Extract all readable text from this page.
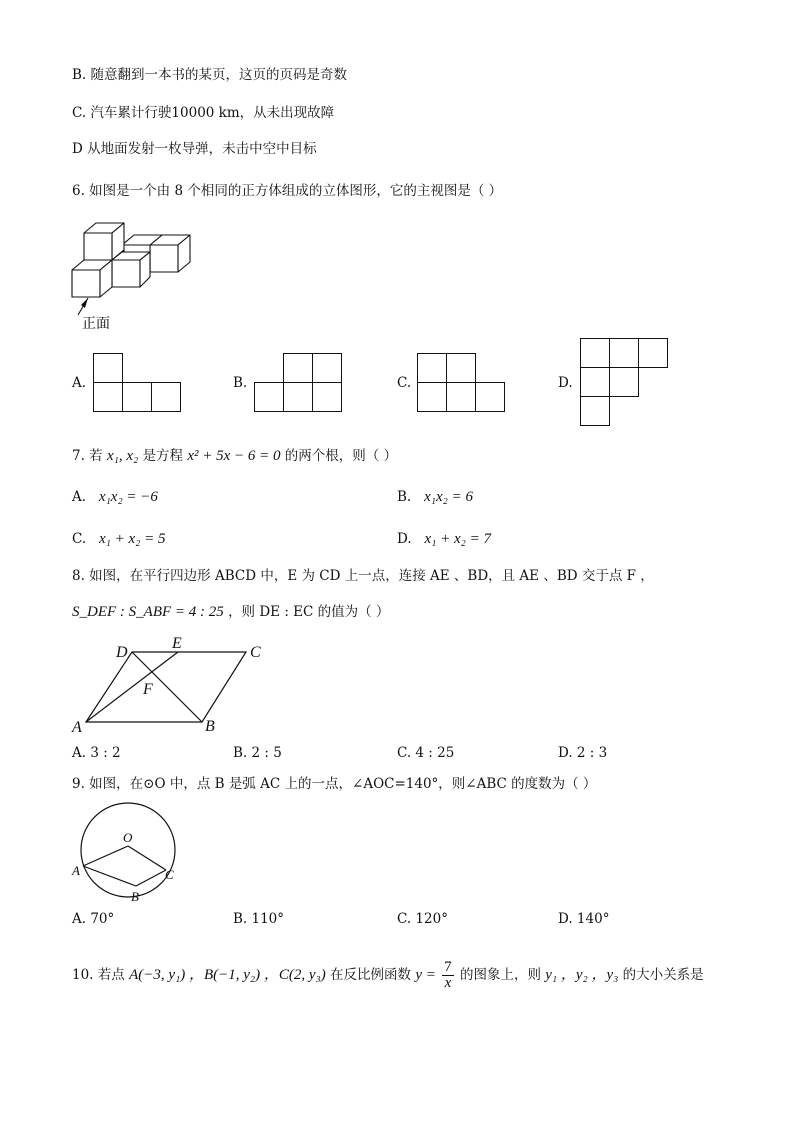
B. 随意翻到一本书的某页，这页的页码是奇数
C. 汽车累计行驶10000 km，从未出现故障
D 从地面发射一枚导弹，未击中空中目标
6. 如图是一个由 8 个相同的正方体组成的立体图形，它的主视图是（ ）
正面
A.	B.	C.	D.
7. 若 x₁, x₂ 是方程 x² + 5x − 6 = 0 的两个根，则（ ）
A. x₁x₂ = −6	B. x₁x₂ = 6
C. x₁ + x₂ = 5	D. x₁ + x₂ = 7
8. 如图，在平行四边形 ABCD 中，E 为 CD 上一点，连接 AE 、BD，且 AE 、BD 交于点 F ，
S_DEF : S_ABF = 4 : 25 ，则 DE : EC 的值为（ ）
D
E
C
F
A	B
A. 3 : 2	B. 2 : 5	C. 4 : 25	D. 2 : 3
9. 如图，在⊙O 中，点 B 是弧 AC 上的一点，∠AOC=140°，则∠ABC 的度数为（ ）
O
A	C
B
A. 70°	B. 110°	C. 120°	D. 140°
10. 若点 A(−3, y₁) ，B(−1, y₂) ，C(2, y₃) 在反比例函数 $y = \frac{7}{x}$ 的图象上，则 y₁ ，y₂ ，y₃ 的大小关系是
